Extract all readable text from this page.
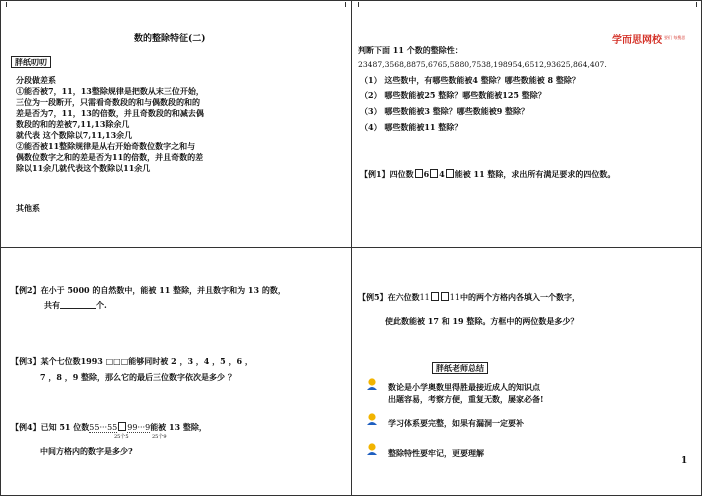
数的整除特征(二)
胖纸叨叨
分段做差系
①能否被7，11，13整除规律是把数从末三位开始，
三位为一段断开，只需看奇数段的和与偶数段的和的
差是否为7，11，13的倍数，并且奇数段的和减去偶
数段的和的差被7,11,13除余几
就代表 这个数除以7,11,13余几
②能否被11整除规律是从右开始奇数位数字之和与
偶数位数字之和的差是否为11的倍数，并且奇数的差
除以11余几就代表这个数除以11余几
其他系
学而思网校 要们 每搜思
判断下面 11 个数的整除性：
23487,3568,8875,6765,5880,7538,198954,6512,93625,864,407.
（1） 这些数中，有哪些数能被4 整除？哪些数能被 8 整除？
（2） 哪些数能被25 整除？哪些数能被125 整除？
（3） 哪些数能被3 整除？哪些数能被9 整除？
（4） 哪些数能被11 整除？
【例1】四位数 6 4 能被 11 整除，求出所有满足要求的四位数。
【例2】在小于 5000 的自然数中，能被 11 整除，并且数字和为 13 的数，
共有	个.
【例3】某个七位数1993 □□□能够同时被 2 ，3 ，4 ，5 ，6 ，
7 ，8 ，9 整除，那么它的最后三位数字依次是多少 ？
【例4】已知 51 位数55···55 99···9能被 13 整除，
25个5	25个9
中间方格内的数字是多少?
【例5】在六位数11	11中的两个方格内各填入一个数字，
使此数能被 17 和 19 整除。方框中的两位数是多少？
胖纸老师总结
数论是小学奥数里得胜最接近成人的知识点
出题容易，考察方便，重复无数，屡家必备!
学习体系要完整，如果有漏洞一定要补
整除特性要牢记，更要理解
1
